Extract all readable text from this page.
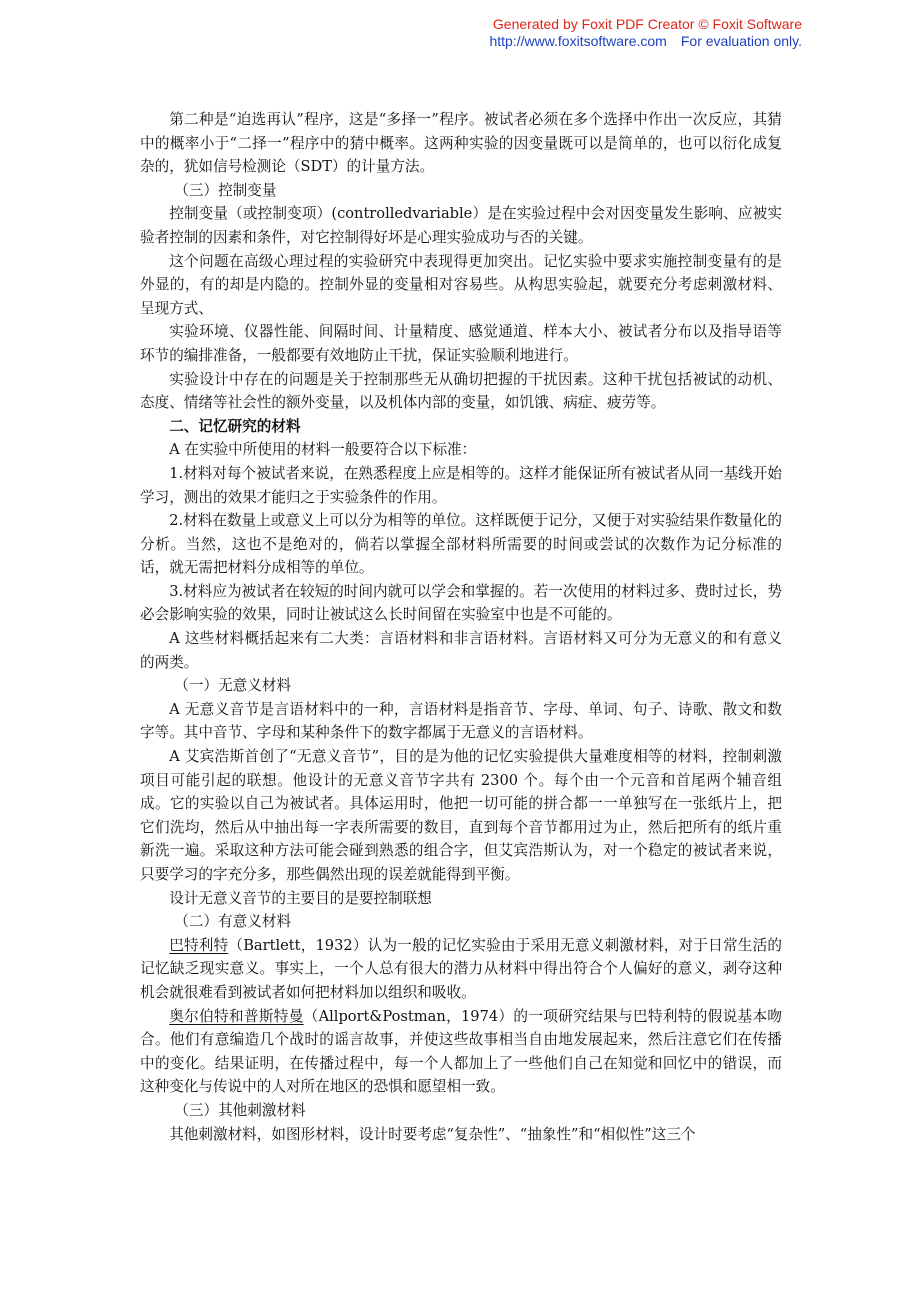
Generated by Foxit PDF Creator © Foxit Software
http://www.foxitsoftware.com For evaluation only.

第二种是“迫选再认”程序，这是“多择一”程序。被试者必须在多个选择中作出一次反应，其猜中的概率小于“二择一”程序中的猜中概率。这两种实验的因变量既可以是简单的，也可以衍化成复杂的，犹如信号检测论（SDT）的计量方法。

（三）控制变量

控制变量（或控制变项）(controlledvariable）是在实验过程中会对因变量发生影响、应被实验者控制的因素和条件，对它控制得好坏是心理实验成功与否的关键。

这个问题在高级心理过程的实验研究中表现得更加突出。记忆实验中要求实施控制变量有的是外显的，有的却是内隐的。控制外显的变量相对容易些。从构思实验起，就要充分考虑刺激材料、呈现方式、

实验环境、仪器性能、间隔时间、计量精度、感觉通道、样本大小、被试者分布以及指导语等环节的编排准备，一般都要有效地防止干扰，保证实验顺利地进行。

实验设计中存在的问题是关于控制那些无从确切把握的干扰因素。这种干扰包括被试的动机、态度、情绪等社会性的额外变量，以及机体内部的变量，如饥饿、病症、疲劳等。

二、记忆研究的材料

A 在实验中所使用的材料一般要符合以下标准：

1.材料对每个被试者来说，在熟悉程度上应是相等的。这样才能保证所有被试者从同一基线开始学习，测出的效果才能归之于实验条件的作用。

2.材料在数量上或意义上可以分为相等的单位。这样既便于记分，又便于对实验结果作数量化的分析。当然，这也不是绝对的，倘若以掌握全部材料所需要的时间或尝试的次数作为记分标准的话，就无需把材料分成相等的单位。

3.材料应为被试者在较短的时间内就可以学会和掌握的。若一次使用的材料过多、费时过长，势必会影响实验的效果，同时让被试这么长时间留在实验室中也是不可能的。

A 这些材料概括起来有二大类：言语材料和非言语材料。言语材料又可分为无意义的和有意义的两类。

（一）无意义材料

A 无意义音节是言语材料中的一种，言语材料是指音节、字母、单词、句子、诗歌、散文和数字等。其中音节、字母和某种条件下的数字都属于无意义的言语材料。

A 艾宾浩斯首创了“无意义音节”，目的是为他的记忆实验提供大量难度相等的材料，控制刺激项目可能引起的联想。他设计的无意义音节字共有 2300 个。每个由一个元音和首尾两个辅音组成。它的实验以自己为被试者。具体运用时，他把一切可能的拼合都一一单独写在一张纸片上，把它们洗均，然后从中抽出每一字表所需要的数目，直到每个音节都用过为止，然后把所有的纸片重新洗一遍。采取这种方法可能会碰到熟悉的组合字，但艾宾浩斯认为，对一个稳定的被试者来说，只要学习的字充分多，那些偶然出现的误差就能得到平衡。

设计无意义音节的主要目的是要控制联想

（二）有意义材料

巴特利特（Bartlett，1932）认为一般的记忆实验由于采用无意义刺激材料，对于日常生活的记忆缺乏现实意义。事实上，一个人总有很大的潜力从材料中得出符合个人偏好的意义，剥夺这种机会就很难看到被试者如何把材料加以组织和吸收。

奥尔伯特和普斯特曼（Allport&Postman，1974）的一项研究结果与巴特利特的假说基本吻合。他们有意编造几个战时的谣言故事，并使这些故事相当自由地发展起来，然后注意它们在传播中的变化。结果证明，在传播过程中，每一个人都加上了一些他们自己在知觉和回忆中的错误，而这种变化与传说中的人对所在地区的恐惧和愿望相一致。

（三）其他刺激材料

其他刺激材料，如图形材料，设计时要考虑“复杂性”、“抽象性”和“相似性”这三个
